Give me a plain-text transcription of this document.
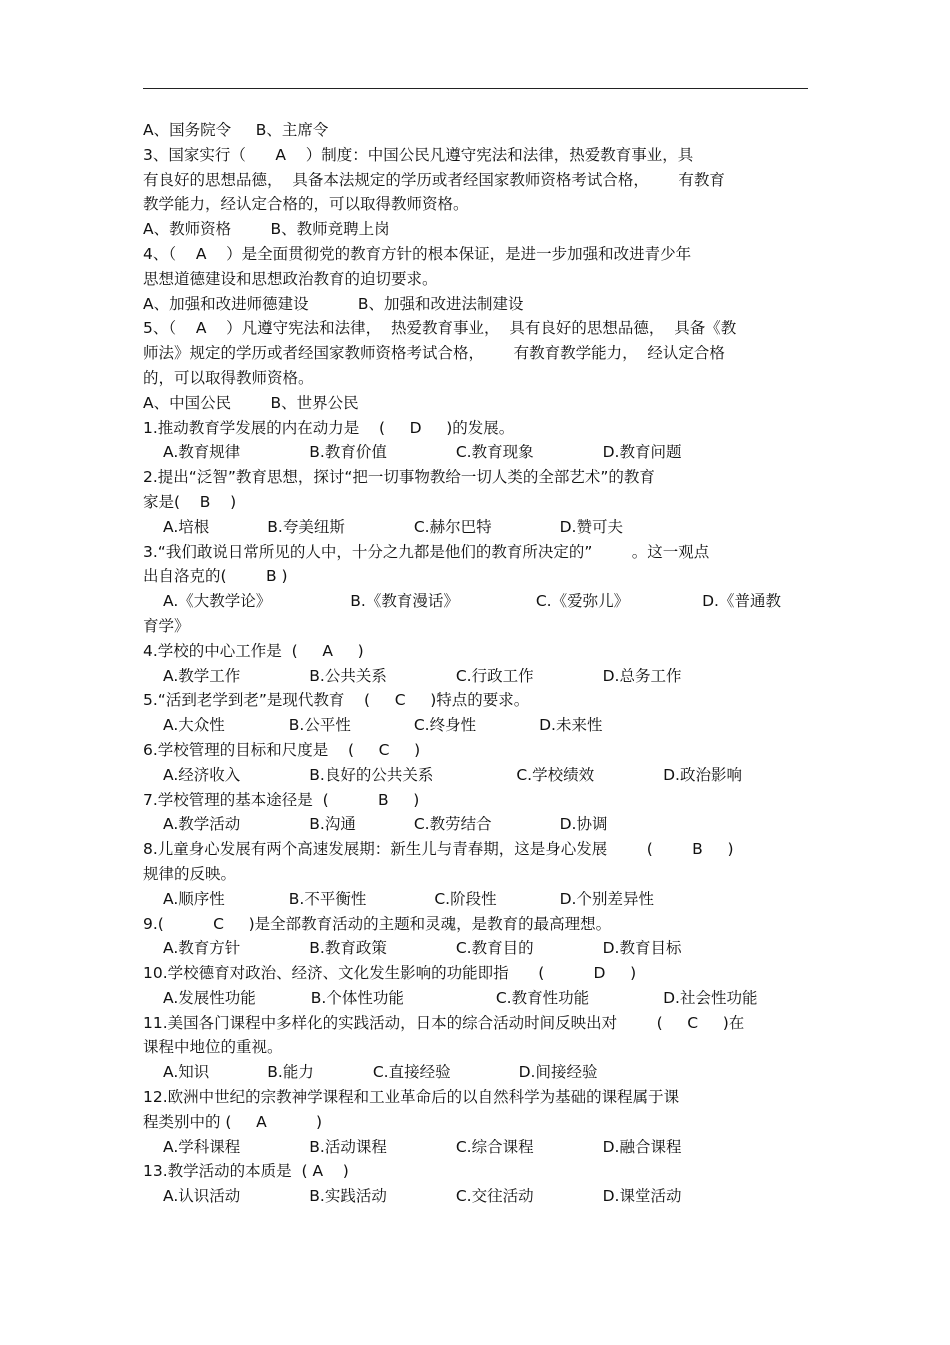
A、国务院令     B、主席令
3、国家实行（      A    ）制度：中国公民凡遵守宪法和法律，热爱教育事业，具
有良好的思想品德，  具备本法规定的学历或者经国家教师资格考试合格，      有教育
教学能力，经认定合格的，可以取得教师资格。
A、教师资格        B、教师竞聘上岗
4、（    A    ）是全面贯彻党的教育方针的根本保证，是进一步加强和改进青少年
思想道德建设和思想政治教育的迫切要求。
A、加强和改进师德建设          B、加强和改进法制建设
5、（    A    ）凡遵守宪法和法律，  热爱教育事业，  具有良好的思想品德，  具备《教
师法》规定的学历或者经国家教师资格考试合格，      有教育教学能力，  经认定合格
的，可以取得教师资格。
A、中国公民        B、世界公民
1.推动教育学发展的内在动力是    (     D     )的发展。
A.教育规律	B.教育价值	C.教育现象	D.教育问题
2.提出“泛智”教育思想，探讨“把一切事物教给一切人类的全部艺术”的教育
家是(    B    )
A.培根	B.夸美纽斯	C.赫尔巴特	D.赞可夫
3.“我们敢说日常所见的人中，十分之九都是他们的教育所决定的”        。这一观点
出自洛克的(        B )
A.《大教学论》	B.《教育漫话》	C.《爱弥儿》	D.《普通教
育学》
4.学校的中心工作是  (     A     )
A.教学工作	B.公共关系	C.行政工作	D.总务工作
5.“活到老学到老”是现代教育    (     C     )特点的要求。
A.大众性	B.公平性	C.终身性	D.未来性
6.学校管理的目标和尺度是    (     C     )
A.经济收入	B.良好的公共关系	C.学校绩效	D.政治影响
7.学校管理的基本途径是  (          B     )
A.教学活动	B.沟通	C.教劳结合	D.协调
8.儿童身心发展有两个高速发展期：新生儿与青春期，这是身心发展        (        B     )
规律的反映。
A.顺序性	B.不平衡性	C.阶段性	D.个别差异性
9.(          C     )是全部教育活动的主题和灵魂，是教育的最高理想。
A.教育方针	B.教育政策	C.教育目的	D.教育目标
10.学校德育对政治、经济、文化发生影响的功能即指      (          D     )
A.发展性功能	B.个体性功能	C.教育性功能	D.社会性功能
11.美国各门课程中多样化的实践活动，日本的综合活动时间反映出对        (     C     )在
课程中地位的重视。
A.知识	B.能力	C.直接经验	D.间接经验
12.欧洲中世纪的宗教神学课程和工业革命后的以自然科学为基础的课程属于课
程类别中的 (     A          )
A.学科课程	B.活动课程	C.综合课程	D.融合课程
13.教学活动的本质是  ( A    )
A.认识活动	B.实践活动	C.交往活动	D.课堂活动
